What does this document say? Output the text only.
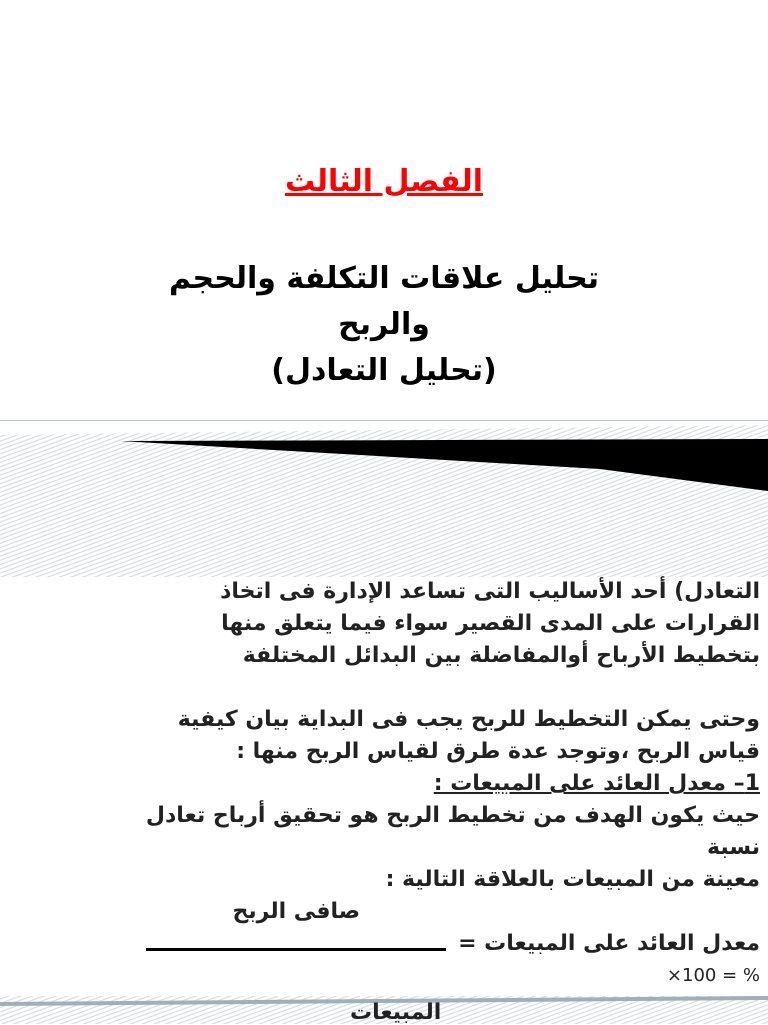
الفصل الثالث
تحليل علاقات التكلفة والحجم
والربح
(تحليل التعادل)

التعادل) أحد الأساليب التى تساعد الإدارة فى اتخاذ

القرارات على المدى القصير سواء فيما يتعلق منها

بتخطيط الأرباح أوالمفاضلة بين البدائل المختلفة

وحتى يمكن التخطيط للربح يجب فى البداية بيان كيفية

قياس الربح ،وتوجد عدة طرق لقياس الربح منها :

1– معدل العائد على المبيعات :

حيث يكون الهدف من تخطيط الربح هو تحقيق أرباح تعادل

نسبة

معينة من المبيعات بالعلاقة التالية :

صافى الربح

معدل العائد على المبيعات =

×100 = %

المبيعات
